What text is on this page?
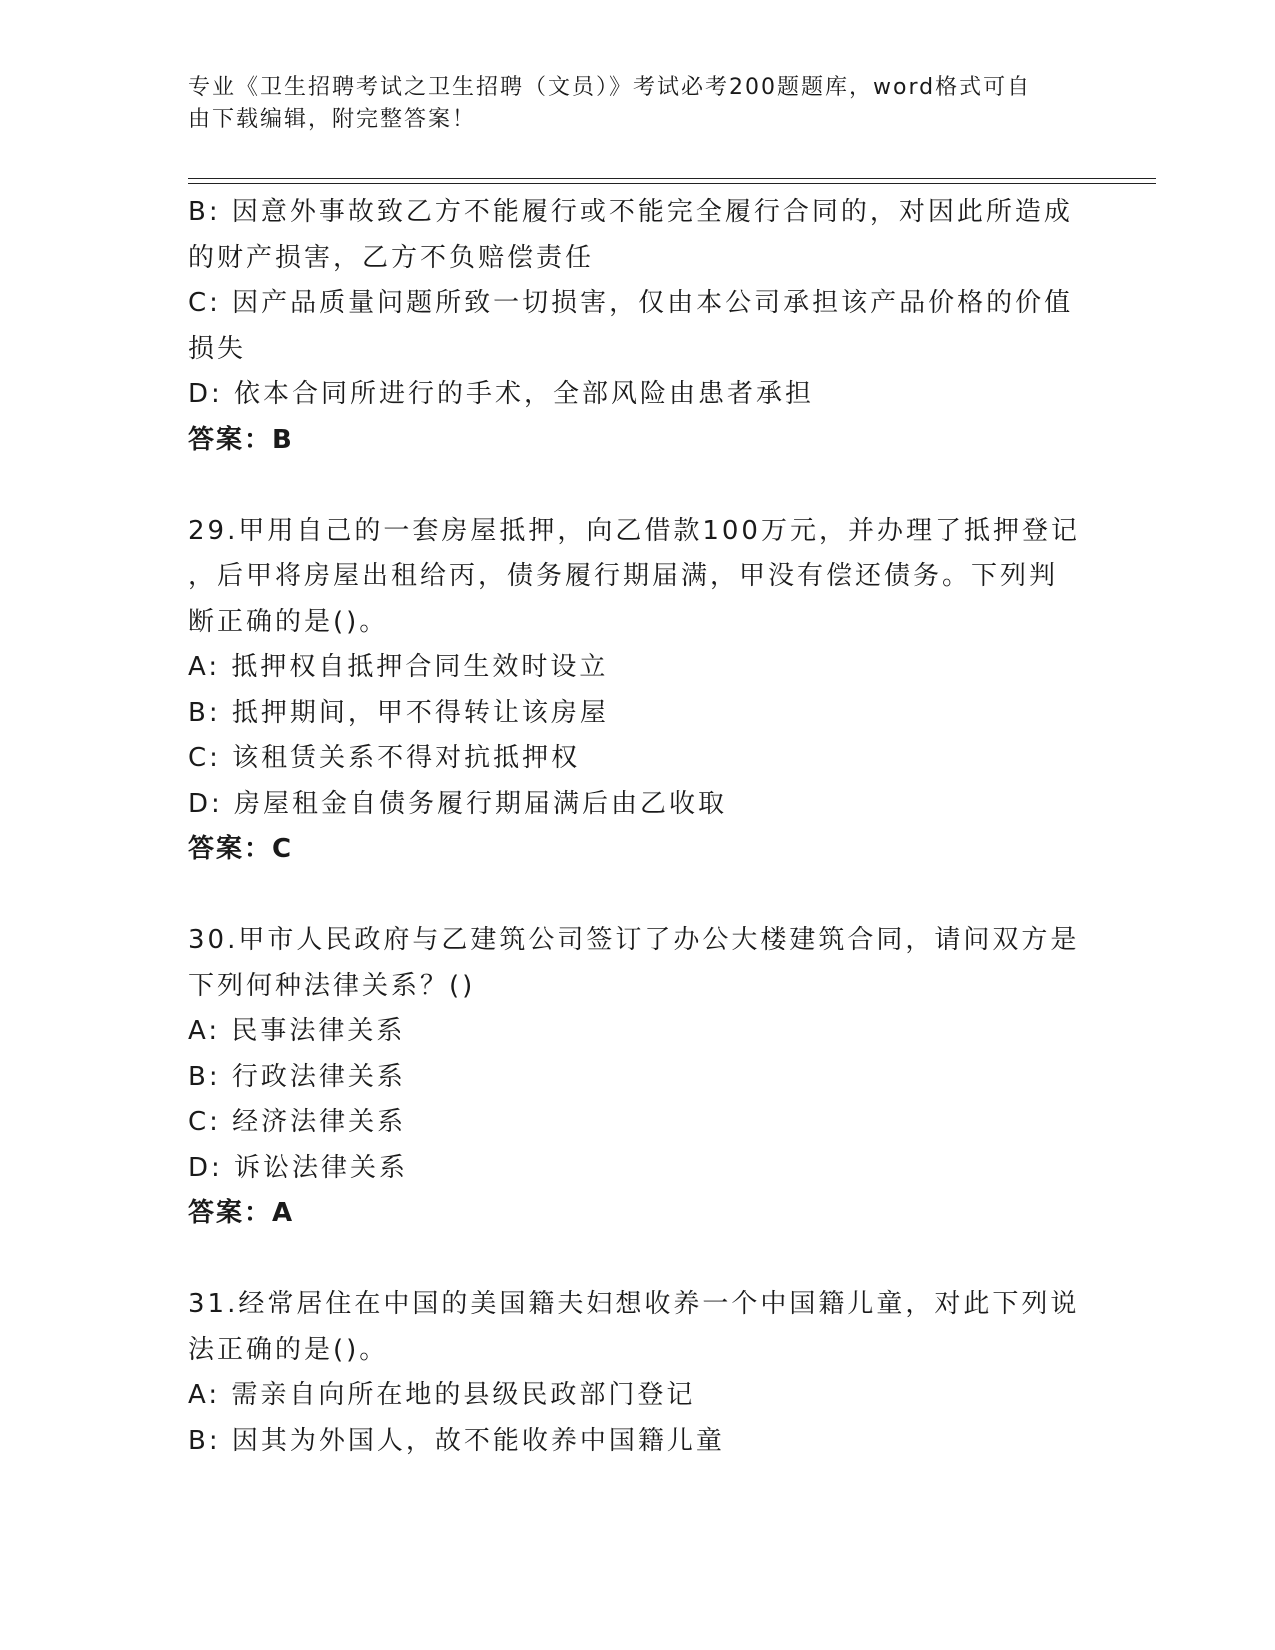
专业《卫生招聘考试之卫生招聘（文员）》考试必考200题题库，word格式可自
由下载编辑，附完整答案！
B: 因意外事故致乙方不能履行或不能完全履行合同的，对因此所造成
的财产损害，乙方不负赔偿责任
C: 因产品质量问题所致一切损害，仅由本公司承担该产品价格的价值
损失
D: 依本合同所进行的手术，全部风险由患者承担
答案：B
29.甲用自己的一套房屋抵押，向乙借款100万元，并办理了抵押登记
，后甲将房屋出租给丙，债务履行期届满，甲没有偿还债务。下列判
断正确的是()。
A: 抵押权自抵押合同生效时设立
B: 抵押期间，甲不得转让该房屋
C: 该租赁关系不得对抗抵押权
D: 房屋租金自债务履行期届满后由乙收取
答案：C
30.甲市人民政府与乙建筑公司签订了办公大楼建筑合同，请问双方是
下列何种法律关系？()
A: 民事法律关系
B: 行政法律关系
C: 经济法律关系
D: 诉讼法律关系
答案：A
31.经常居住在中国的美国籍夫妇想收养一个中国籍儿童，对此下列说
法正确的是()。
A: 需亲自向所在地的县级民政部门登记
B: 因其为外国人，故不能收养中国籍儿童
